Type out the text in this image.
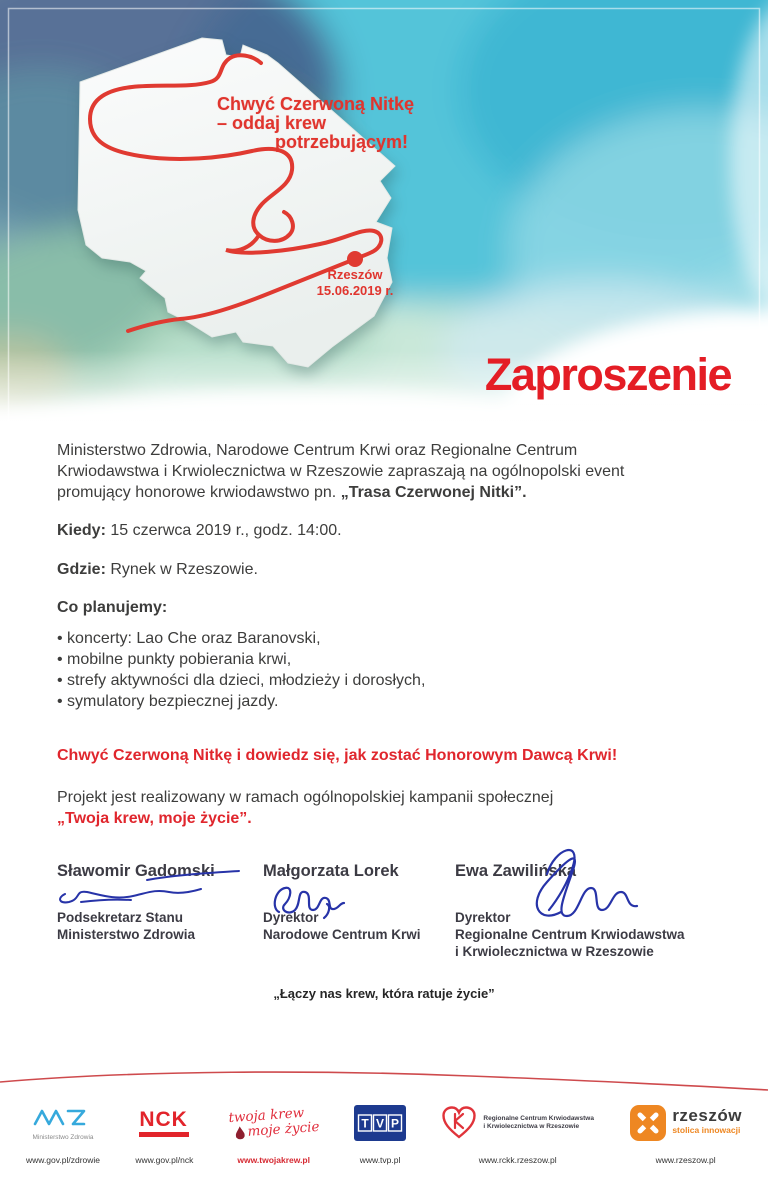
Chwyć Czerwoną Nitkę
– oddaj krew
potrzebującym!
Rzeszów
15.06.2019 r.
Zaproszenie
Ministerstwo Zdrowia, Narodowe Centrum Krwi oraz Regionalne Centrum
Krwiodawstwa i Krwiolecznictwa w Rzeszowie zapraszają na ogólnopolski event
promujący honorowe krwiodawstwo pn. „Trasa Czerwonej Nitki”.
Kiedy: 15 czerwca 2019 r., godz. 14:00.
Gdzie: Rynek w Rzeszowie.
Co planujemy:
• koncerty: Lao Che oraz Baranovski,
• mobilne punkty pobierania krwi,
• strefy aktywności dla dzieci, młodzieży i dorosłych,
• symulatory bezpiecznej jazdy.
Chwyć Czerwoną Nitkę i dowiedz się, jak zostać Honorowym Dawcą Krwi!
Projekt jest realizowany w ramach ogólnopolskiej kampanii społecznej
„Twoja krew, moje życie”.
Sławomir Gadomski
Podsekretarz Stanu
Ministerstwo Zdrowia
Małgorzata Lorek
Dyrektor
Narodowe Centrum Krwi
Ewa Zawilińska
Dyrektor
Regionalne Centrum Krwiodawstwa
i Krwiolecznictwa w Rzeszowie
„Łączy nas krew, która ratuje życie”
Ministerstwo Zdrowia
www.gov.pl/zdrowie
NCK
www.gov.pl/nck
twoja krew
moje życie
www.twojakrew.pl
T V P
www.tvp.pl
Regionalne Centrum Krwiodawstwa
i Krwiolecznictwa w Rzeszowie
www.rckk.rzeszow.pl
rzeszów
stolica innowacji
www.rzeszow.pl
